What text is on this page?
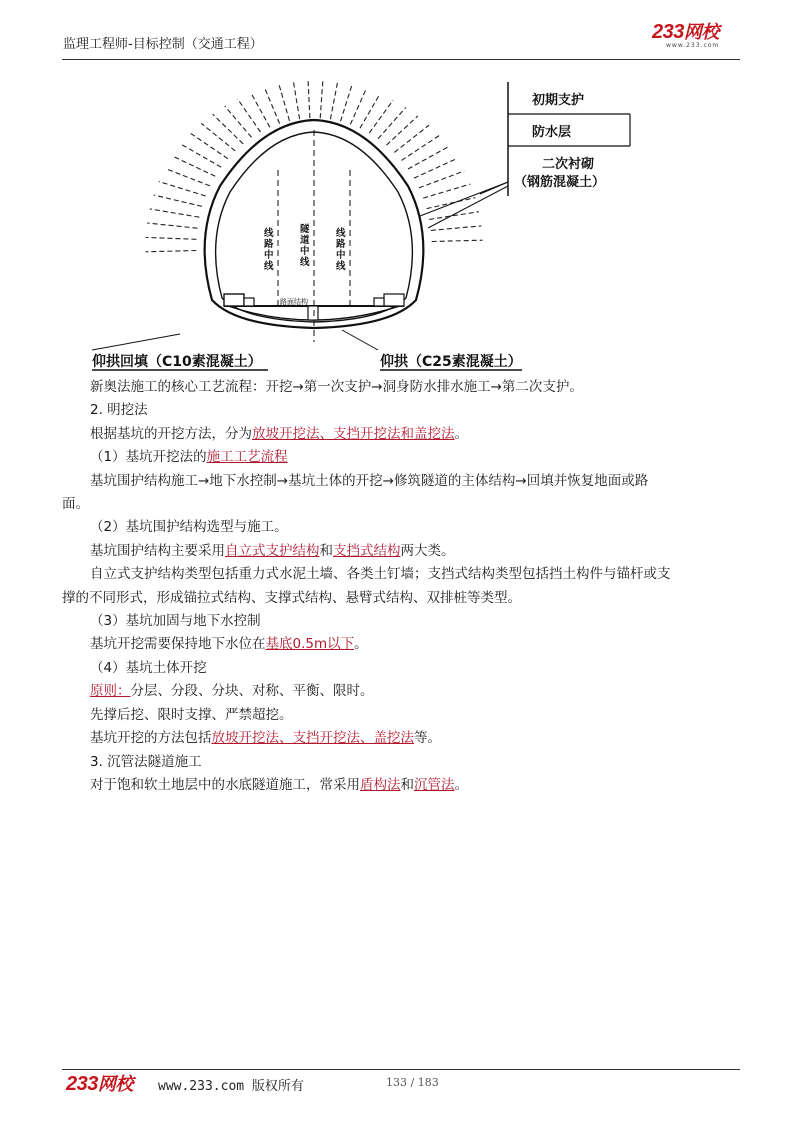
监理工程师-目标控制（交通工程）
233网校
www.233.com
初期支护
防水层
二次衬砌
（钢筋混凝土）
线路中线
隧道中线
线路中线
路面结构
仰拱回填（C10素混凝土）	仰拱（C25素混凝土）

新奥法施工的核心工艺流程：开挖→第一次支护→洞身防水排水施工→第二次支护。

2. 明挖法

根据基坑的开挖方法，分为放坡开挖法、支挡开挖法和盖挖法。

（1）基坑开挖法的施工工艺流程

基坑围护结构施工→地下水控制→基坑土体的开挖→修筑隧道的主体结构→回填并恢复地面或路

面。

（2）基坑围护结构选型与施工。

基坑围护结构主要采用自立式支护结构和支挡式结构两大类。

自立式支护结构类型包括重力式水泥土墙、各类土钉墙；支挡式结构类型包括挡土构件与锚杆或支

撑的不同形式，形成锚拉式结构、支撑式结构、悬臂式结构、双排桩等类型。

（3）基坑加固与地下水控制

基坑开挖需要保持地下水位在基底0.5m以下。

（4）基坑土体开挖

原则：分层、分段、分块、对称、平衡、限时。

先撑后挖、限时支撑、严禁超挖。

基坑开挖的方法包括放坡开挖法、支挡开挖法、盖挖法等。

3. 沉管法隧道施工

对于饱和软土地层中的水底隧道施工，常采用盾构法和沉管法。

233网校 www.233.com 版权所有	133 / 183
